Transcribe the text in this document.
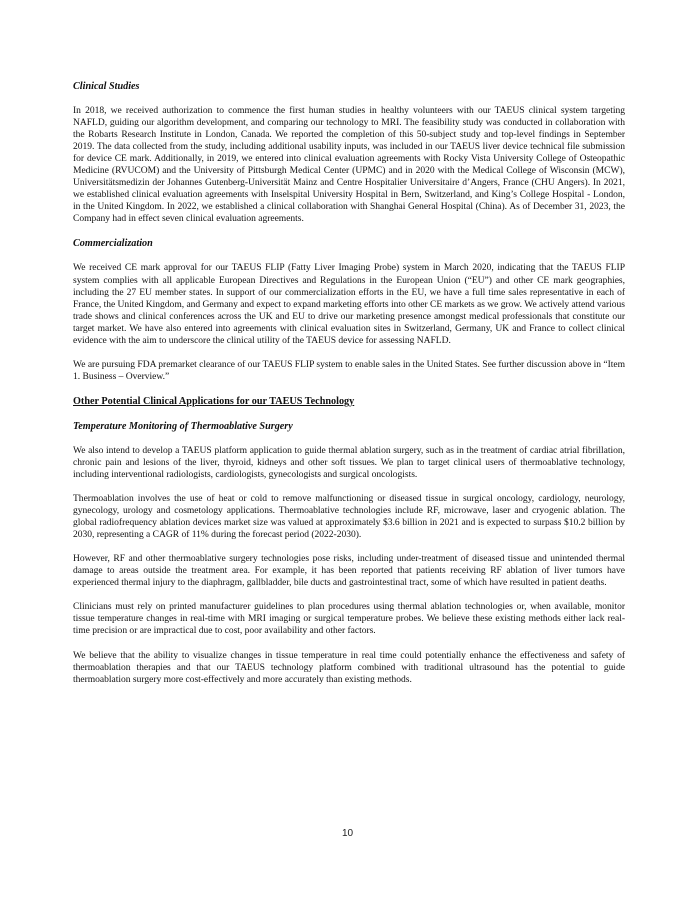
Clinical Studies

In 2018, we received authorization to commence the first human studies in healthy volunteers with our TAEUS clinical system targeting NAFLD, guiding our algorithm development, and comparing our technology to MRI. The feasibility study was conducted in collaboration with the Robarts Research Institute in London, Canada. We reported the completion of this 50-subject study and top-level findings in September 2019. The data collected from the study, including additional usability inputs, was included in our TAEUS liver device technical file submission for device CE mark. Additionally, in 2019, we entered into clinical evaluation agreements with Rocky Vista University College of Osteopathic Medicine (RVUCOM) and the University of Pittsburgh Medical Center (UPMC) and in 2020 with the Medical College of Wisconsin (MCW), Universitätsmedizin der Johannes Gutenberg-Universität Mainz and Centre Hospitalier Universitaire d’Angers, France (CHU Angers). In 2021, we established clinical evaluation agreements with Inselspital University Hospital in Bern, Switzerland, and King’s College Hospital - London, in the United Kingdom. In 2022, we established a clinical collaboration with Shanghai General Hospital (China). As of December 31, 2023, the Company had in effect seven clinical evaluation agreements.

Commercialization

We received CE mark approval for our TAEUS FLIP (Fatty Liver Imaging Probe) system in March 2020, indicating that the TAEUS FLIP system complies with all applicable European Directives and Regulations in the European Union (“EU”) and other CE mark geographies, including the 27 EU member states. In support of our commercialization efforts in the EU, we have a full time sales representative in each of France, the United Kingdom, and Germany and expect to expand marketing efforts into other CE markets as we grow. We actively attend various trade shows and clinical conferences across the UK and EU to drive our marketing presence amongst medical professionals that constitute our target market. We have also entered into agreements with clinical evaluation sites in Switzerland, Germany, UK and France to collect clinical evidence with the aim to underscore the clinical utility of the TAEUS device for assessing NAFLD.

We are pursuing FDA premarket clearance of our TAEUS FLIP system to enable sales in the United States. See further discussion above in “Item 1. Business – Overview.”

Other Potential Clinical Applications for our TAEUS Technology
Temperature Monitoring of Thermoablative Surgery

We also intend to develop a TAEUS platform application to guide thermal ablation surgery, such as in the treatment of cardiac atrial fibrillation, chronic pain and lesions of the liver, thyroid, kidneys and other soft tissues. We plan to target clinical users of thermoablative technology, including interventional radiologists, cardiologists, gynecologists and surgical oncologists.

Thermoablation involves the use of heat or cold to remove malfunctioning or diseased tissue in surgical oncology, cardiology, neurology, gynecology, urology and cosmetology applications. Thermoablative technologies include RF, microwave, laser and cryogenic ablation. The global radiofrequency ablation devices market size was valued at approximately $3.6 billion in 2021 and is expected to surpass $10.2 billion by 2030, representing a CAGR of 11% during the forecast period (2022-2030).

However, RF and other thermoablative surgery technologies pose risks, including under-treatment of diseased tissue and unintended thermal damage to areas outside the treatment area. For example, it has been reported that patients receiving RF ablation of liver tumors have experienced thermal injury to the diaphragm, gallbladder, bile ducts and gastrointestinal tract, some of which have resulted in patient deaths.

Clinicians must rely on printed manufacturer guidelines to plan procedures using thermal ablation technologies or, when available, monitor tissue temperature changes in real-time with MRI imaging or surgical temperature probes. We believe these existing methods either lack real-time precision or are impractical due to cost, poor availability and other factors.

We believe that the ability to visualize changes in tissue temperature in real time could potentially enhance the effectiveness and safety of thermoablation therapies and that our TAEUS technology platform combined with traditional ultrasound has the potential to guide thermoablation surgery more cost-effectively and more accurately than existing methods.

10
